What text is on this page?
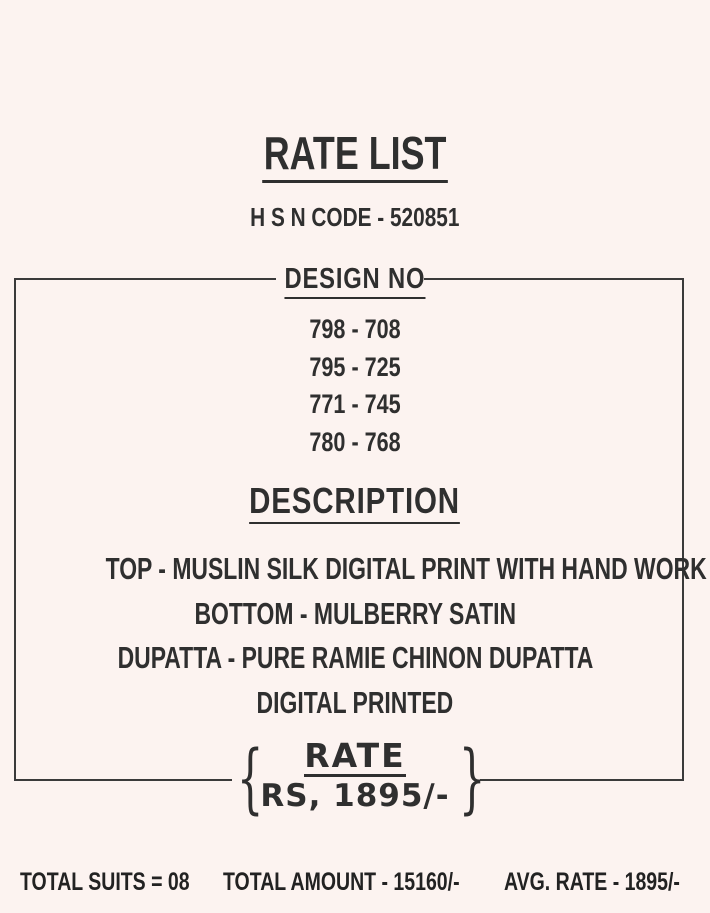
RATE LIST
H S N CODE - 520851
DESIGN NO
798 - 708
795 - 725
771 - 745
780 - 768
DESCRIPTION
TOP - MUSLIN SILK DIGITAL PRINT WITH HAND WORK
BOTTOM - MULBERRY SATIN
DUPATTA - PURE RAMIE CHINON DUPATTA
DIGITAL PRINTED
{	}
RATE
RS, 1895/-
TOTAL SUITS = 08 TOTAL AMOUNT - 15160/- AVG. RATE - 1895/-
